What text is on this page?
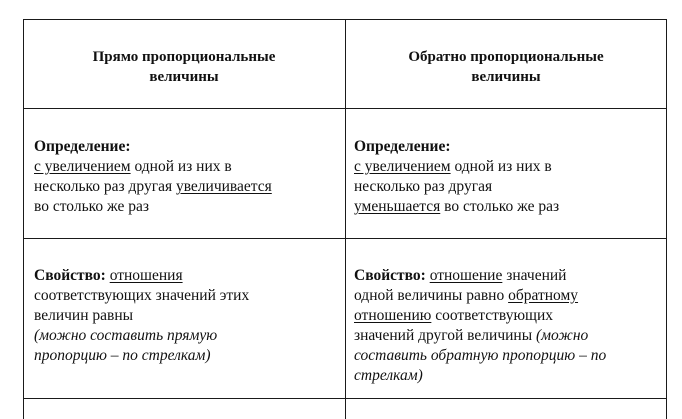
Прямо пропорциональные

величины

Обратно пропорциональные

величины

Определение:

с увеличением одной из них в

несколько раз другая увеличивается

во столько же раз

Определение:

с увеличением одной из них в

несколько раз другая

уменьшается во столько же раз

Свойство: отношения

соответствующих значений этих

величин равны

(можно составить прямую

пропорцию – по стрелкам)

Свойство: отношение значений

одной величины равно обратному

отношению соответствующих

значений другой величины (можно

составить обратную пропорцию – по

стрелкам)
